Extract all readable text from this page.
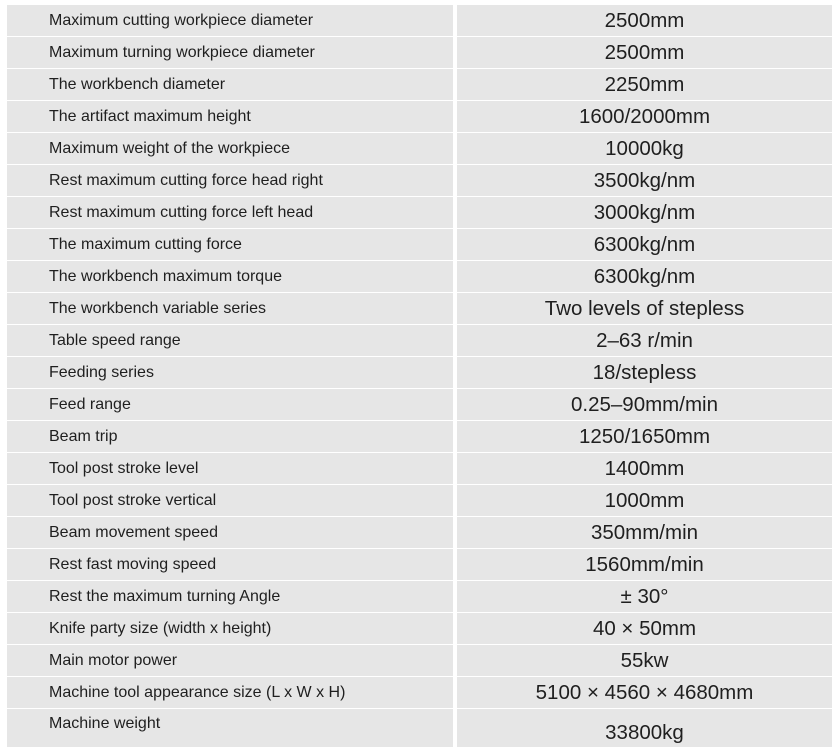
Maximum cutting workpiece diameter	2500mm
Maximum turning workpiece diameter	2500mm
The workbench diameter	2250mm
The artifact maximum height	1600/2000mm
Maximum weight of the workpiece	10000kg
Rest maximum cutting force head right	3500kg/nm
Rest maximum cutting force left head	3000kg/nm
The maximum cutting force	6300kg/nm
The workbench maximum torque	6300kg/nm
The workbench variable series	Two levels of stepless
Table speed range	2–63 r/min
Feeding series	18/stepless
Feed range	0.25–90mm/min
Beam trip	1250/1650mm
Tool post stroke level	1400mm
Tool post stroke vertical	1000mm
Beam movement speed	350mm/min
Rest fast moving speed	1560mm/min
Rest the maximum turning Angle	± 30°
Knife party size (width x height)	40 × 50mm
Main motor power	55kw
Machine tool appearance size (L x W x H)	5100 × 4560 × 4680mm
Machine weight	33800kg
